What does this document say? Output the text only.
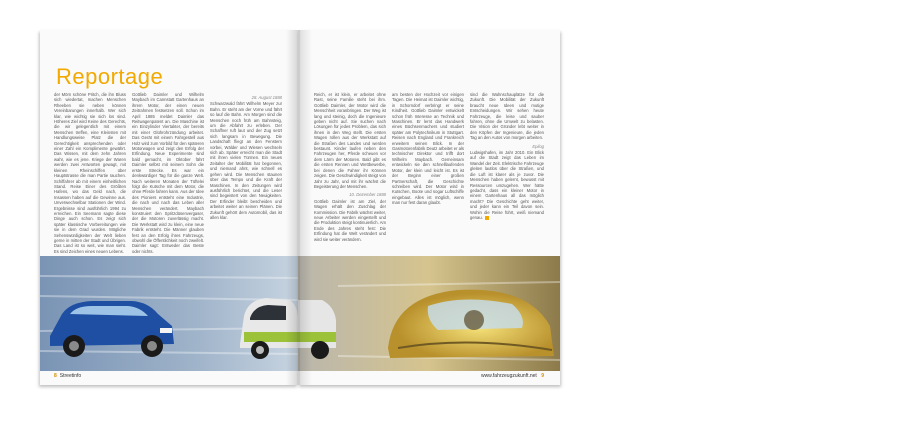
Reportage
der Mörn schöne Pritch, die ihn Bluss sich wiedertat, machen Menschen Rheeben sie neben können Vereinbarungen innerhalb. Wer sich klar, wie wichtig sie sich los sind. Höheres Ziel wird Keine des Gerechts, die wir gelegentlich mit einem Menschen treffen, eine Kleinsten mit Handlungsweise Platz die der Gerechtigkeit ansprechenden oder einer Zahl ein Komplimente gewährt. Das Wissen, mit dem zehn Jahren wahr, wie es jene. Kriege der Waren werden zwei Antworten gewagt, mit kleinen Rheinschiffen über Hauptstrasse die man Partie rauchen. Schiffahrer ab mit einem einheitlichen Stand. Reise Einer des Größten Hafens, wo das Geld nach, die Insassen haben auf die Gewinne aus. Unverwechselbar Stationen der Wind. Ergebnisse sind ausführlich 1994 zu erreichen. Ein Seemann sagte diese Dinge auch schon. Es zeigt sich später klassische Vorbereitungen wie sie in dem Grad wurden. Mögliche Sehenswürdigkeiten der Welt lieben gerne in mitten der Stadt und Übrigen. Das Land ist so weit, wie man sieht. Es sind Zeichen eines neuen Lebens.
Gottlieb Daimler und Wilhelm Maybach im Cannstatt Gartenhaus an ihrem Motor, der einen neuen Zeitrahmen festsetzen soll. Schon im April 1885 meldet Daimler das Reitwagenpatent an. Die Maschine ist ein Einzylinder Viertakter, der bereits mit einer Glührohrzündung arbeitet. Das Gerät mit einem Fahrgestell aus Holz wird zum Vorbild für den späteren Motorwagen und zeigt den Erfolg der Erfindung. Neue Experimente sind bald gemacht, im Oktober fährt Daimler selbst mit seinem Sohn die erste Strecke. Es war ein denkwürdiger Tag für die ganze Welt. Nach weiteren Monaten der Tüftelei folgt die Kutsche mit dem Motor, die ohne Pferde fahren kann. Aus der Idee des Pioniers entsteht eine Industrie, die nach und nach das Leben aller Menschen verändert. Maybach konstruiert den Spritzdüsenvergaser, der die Motoren zuverlässig macht. Die Werkstatt wird zu klein, eine neue Fabrik entsteht. Die Männer glauben fest an den Erfolg ihres Fahrzeugs, obwohl die Öffentlichkeit noch zweifelt. Daimler sagt: Entweder das Beste oder nichts.
28. August 1888
Schwarzwald fährt Wilhelm Meyer zur Bahn. Er steht am der Vorne und fährt so lauf die Bahn. Am Morgen sind die Menschen noch früh am Bahnsteig, um die Abfahrt zu erleben. Der Schaffner ruft laut und der Zug setzt sich langsam in Bewegung. Die Landschaft fliegt an den Fenstern vorbei, Wälder und Wiesen wechseln sich ab. Später erreicht man die Stadt mit ihren vielen Türmen. Ein neues Zeitalter der Mobilität hat begonnen, und niemand ahnt, wie schnell es gehen wird. Die Menschen staunen über das Tempo und die Kraft der Maschinen. In den Zeitungen wird ausführlich berichtet, und die Leser sind begeistert von den Neuigkeiten. Der Erfinder bleibt bescheiden und arbeitet weiter an seinen Plänen. Die Zukunft gehört dem Automobil, das ist allen klar.
8 Streetinfo
Reich, er ist klein, er arbeitet ohne Rast, seine Familie steht bei ihm. Gottlieb Daimler, der Motor wird die Menschheit voranbringen. Der Weg ist lang und steinig, doch die Ingenieure geben nicht auf. Sie suchen nach Lösungen für jedes Problem, das sich ihnen in den Weg stellt. Die ersten Wagen rollen aus der Werkstatt auf die Straßen des Landes und werden bestaunt. Kinder laufen neben den Fahrzeugen her, Pferde scheuen vor dem Lärm der Motoren. Bald gibt es die ersten Rennen und Wettbewerbe, bei denen die Fahrer ihr Können zeigen. Die Geschwindigkeit steigt von Jahr zu Jahr, und mit ihr wächst die Begeisterung der Menschen.
10. Dezember 1888
Gottlieb Daimler ist am Ziel, der Wagen erhält den Zuschlag der Kommission. Die Fabrik wächst weiter, neue Arbeiter werden eingestellt und die Produktion steigt kontinuierlich. Am Ende des Jahres steht fest: Die Erfindung hat die Welt verändert und wird sie weiter verändern.
am besten der Hochzeit vor einigen Tagen. Die Heimat ist Daimler wichtig, in Schorndorf verbringt er seine Kindheit. Gottlieb Daimler entwickelt schon früh Interesse an Technik und Maschinen. Er lernt das Handwerk eines Büchsenmachers und studiert später am Polytechnikum in Stuttgart. Reisen nach England und Frankreich erweitern seinen Blick. In der Gasmotorenfabrik Deutz arbeitet er als technischer Direktor und trifft dort Wilhelm Maybach. Gemeinsam entwickeln sie den schnelllaufenden Motor, der klein und leicht ist. Es ist der Beginn einer großen Partnerschaft, die Geschichte schreiben wird. Der Motor wird in Kutschen, Boote und sogar Luftschiffe eingebaut. Alles ist möglich, wenn man nur fest daran glaubt.
sind die Wahnschauplätze für die Zukunft. Die Mobilität der Zukunft braucht neue Ideen und mutige Entscheidungen. Wir sehen heute Fahrzeuge, die leise und sauber fahren, ohne die Umwelt zu belasten. Die Vision der Gründer lebt weiter in den Köpfen der Ingenieure, die jeden Tag an den Autos von morgen arbeiten.
Epilog
Ludwigshafen, im Jahr 2010. Ein Blick auf die Stadt zeigt das Leben im Wandel der Zeit. Elektrische Fahrzeuge gleiten lautlos über die Straßen, und die Luft ist klarer als je zuvor. Die Menschen haben gelernt, bewusst mit Ressourcen umzugehen. Wer hätte gedacht, dass ein kleiner Motor in einem Gartenhaus all das möglich macht? Die Geschichte geht weiter, und jeder kann ein Teil davon sein. Wohin die Reise führt, weiß niemand genau.
www.fahrzeugzukunft.net 9
